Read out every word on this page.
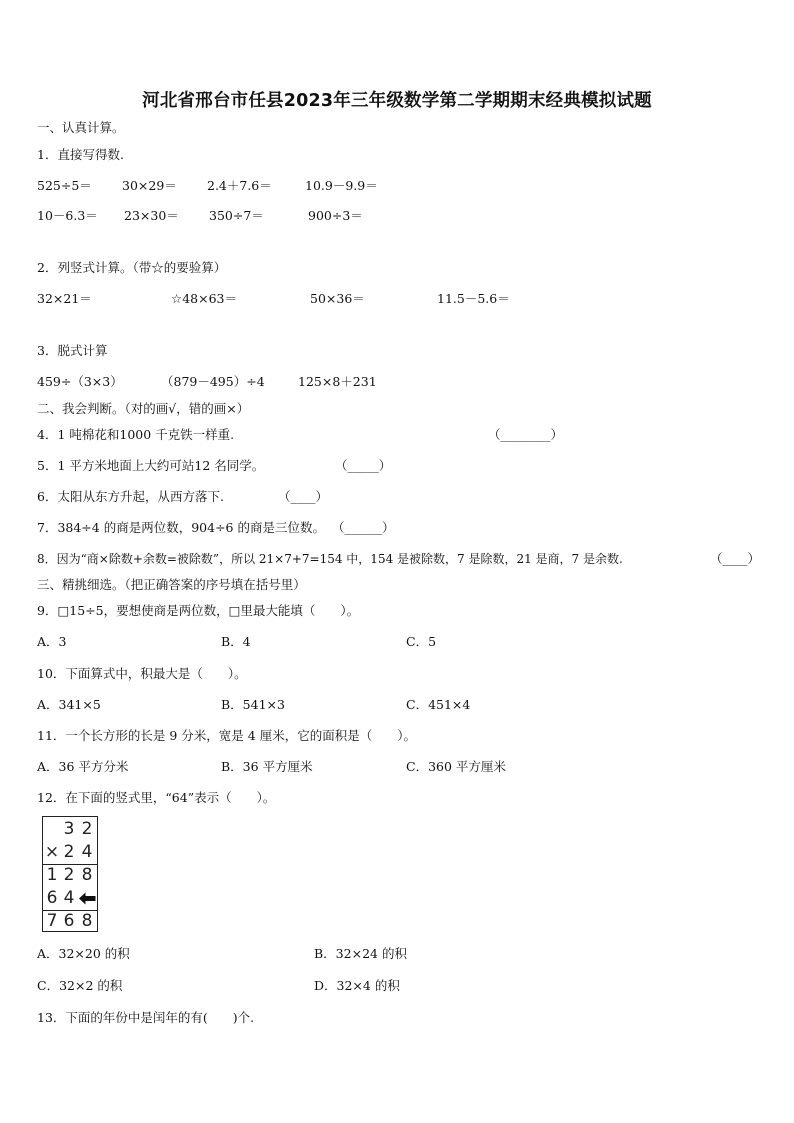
河北省邢台市任县2023年三年级数学第二学期期末经典模拟试题
一、认真计算。
1．直接写得数.
525÷5＝ 30×29＝ 2.4＋7.6＝	10.9－9.9＝
10－6.3＝ 23×30＝ 350÷7＝	900÷3＝
2．列竖式计算。（带☆的要验算）
32×21＝	☆48×63＝	50×36＝	11.5－5.6＝
3．脱式计算
459÷（3×3）	（879－495）÷4	125×8＋231
二、我会判断。（对的画√，错的画×）
4．1 吨棉花和1000 千克铁一样重.	（________）
5．1 平方米地面上大约可站12 名同学。	（_____）
6．太阳从东方升起，从西方落下.	（____）
7．384÷4 的商是两位数，904÷6 的商是三位数。 （______）
8．因为“商×除数+余数=被除数”，所以 21×7+7=154 中，154 是被除数，7 是除数，21 是商，7 是余数.	（____）
三、精挑细选。（把正确答案的序号填在括号里）
9．□15÷5，要想使商是两位数，□里最大能填（　　）。
A．3	B．4	C．5
10．下面算式中，积最大是（　　）。
A．341×5	B．541×3	C．451×4
11．一个长方形的长是 9 分米，宽是 4 厘米，它的面积是（　　）。
A．36 平方分米	B．36 平方厘米	C．360 平方厘米
12．在下面的竖式里，“64”表示（　　）。
3 2
× 2 4
1 2 8
6 4
7 6 8
A．32×20 的积	B．32×24 的积
C．32×2 的积	D．32×4 的积
13．下面的年份中是闰年的有(　　)个.
